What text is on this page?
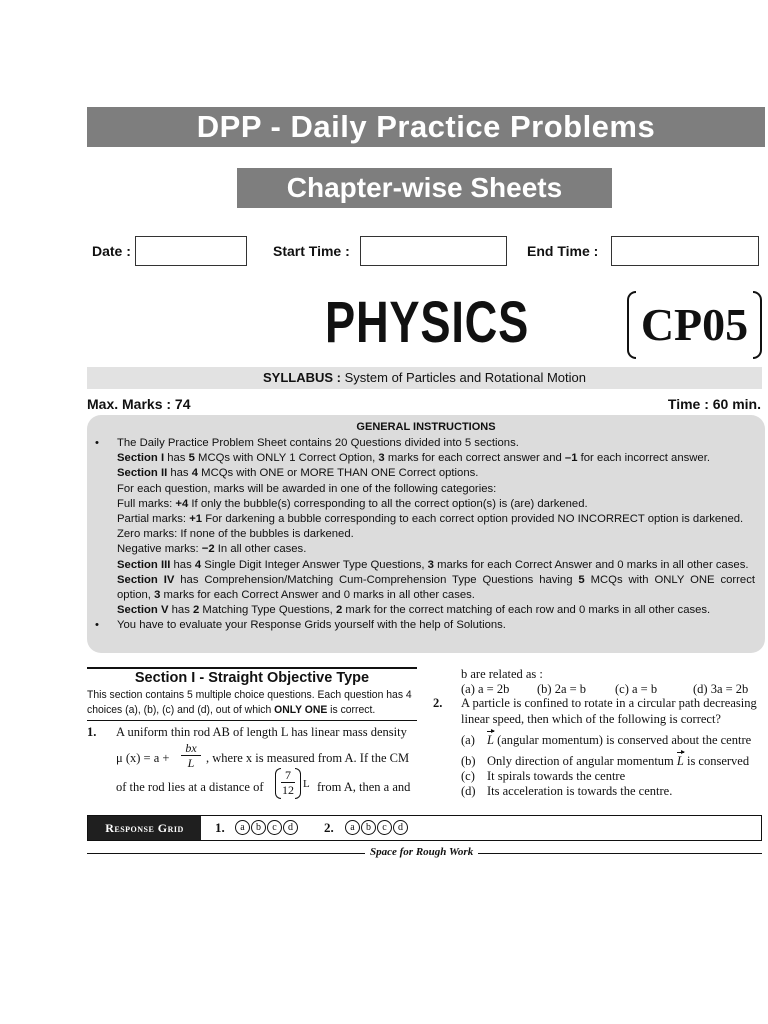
DPP - Daily Practice Problems
Chapter-wise Sheets
Date :	Start Time :	End Time :
PHYSICS CP05
SYLLABUS : System of Particles and Rotational Motion
Max. Marks : 74	Time : 60 min.
GENERAL INSTRUCTIONS
• The Daily Practice Problem Sheet contains 20 Questions divided into 5 sections.
Section I has 5 MCQs with ONLY 1 Correct Option, 3 marks for each correct answer and –1 for each incorrect answer.
Section II has 4 MCQs with ONE or MORE THAN ONE Correct options.
For each question, marks will be awarded in one of the following categories:
Full marks: +4 If only the bubble(s) corresponding to all the correct option(s) is (are) darkened.
Partial marks: +1 For darkening a bubble corresponding to each correct option provided NO INCORRECT option is darkened.
Zero marks: If none of the bubbles is darkened.
Negative marks: −2 In all other cases.
Section III has 4 Single Digit Integer Answer Type Questions, 3 marks for each Correct Answer and 0 marks in all other cases.
Section IV has Comprehension/Matching Cum-Comprehension Type Questions having 5 MCQs with ONLY ONE correct option, 3 marks for each Correct Answer and 0 marks in all other cases.
Section V has 2 Matching Type Questions, 2 mark for the correct matching of each row and 0 marks in all other cases.
• You have to evaluate your Response Grids yourself with the help of Solutions.
Section I - Straight Objective Type
This section contains 5 multiple choice questions. Each question has 4 choices (a), (b), (c) and (d), out of which ONLY ONE is correct.
1. A uniform thin rod AB of length L has linear mass density
μ (x) = a +
bx
L , where x is measured from A. If the CM
of the rod lies at a distance of
7
12 L from A, then a and
b are related as :
(a) a = 2b (b) 2a = b (c) a = b	(d) 3a = 2b
2. A particle is confined to rotate in a circular path decreasing linear speed, then which of the following is correct?
(a) L (angular momentum) is conserved about the centre
(b) Only direction of angular momentum L is conserved
(c) It spirals towards the centre
(d) Its acceleration is towards the centre.
Response Grid	1.	a	b	c	d	2.	a	b	c	d
Space for Rough Work
